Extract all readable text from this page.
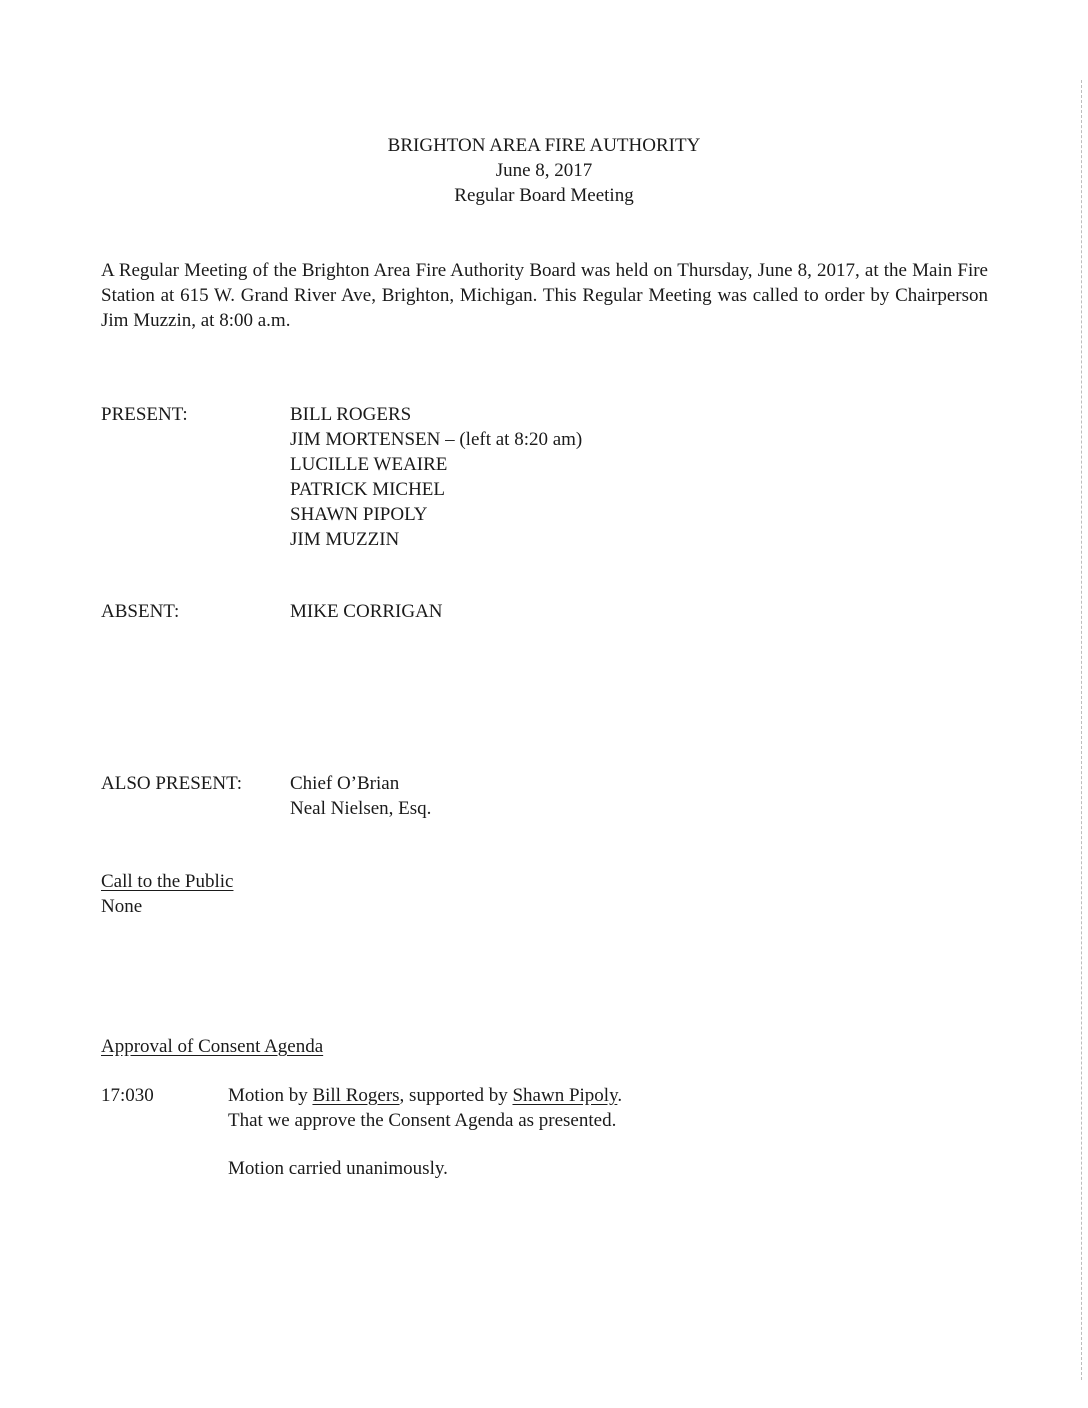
BRIGHTON AREA FIRE AUTHORITY
June 8, 2017
Regular Board Meeting
A Regular Meeting of the Brighton Area Fire Authority Board was held on Thursday, June 8, 2017, at the Main Fire Station at 615 W. Grand River Ave, Brighton, Michigan. This Regular Meeting was called to order by Chairperson Jim Muzzin, at 8:00 a.m.
PRESENT:	BILL ROGERS
JIM MORTENSEN – (left at 8:20 am)
LUCILLE WEAIRE
PATRICK MICHEL
SHAWN PIPOLY
JIM MUZZIN
ABSENT:	MIKE CORRIGAN
ALSO PRESENT:	Chief O’Brian
Neal Nielsen, Esq.
Call to the Public
None
Approval of Consent Agenda
17:030	Motion by Bill Rogers, supported by Shawn Pipoly.
That we approve the Consent Agenda as presented.
Motion carried unanimously.
